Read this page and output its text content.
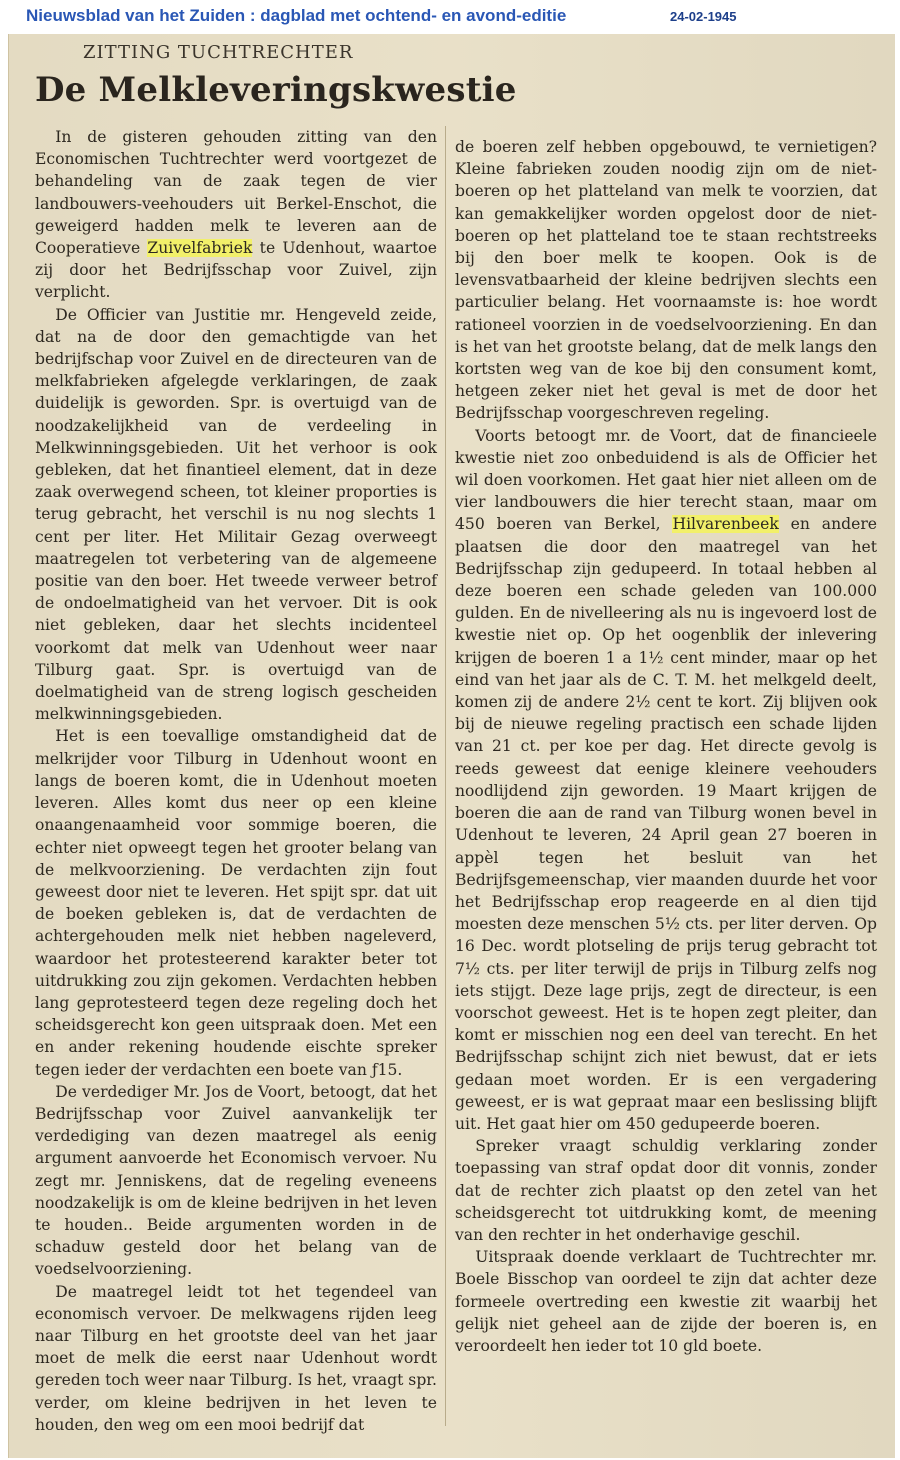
Nieuwsblad van het Zuiden : dagblad met ochtend- en avond-editie	24-02-1945
ZITTING TUCHTRECHTER
De Melkleveringskwestie

In de gisteren gehouden zitting van den Economischen Tuchtrechter werd voortgezet de behandeling van de zaak tegen de vier landbouwers-veehouders uit Berkel-Enschot, die geweigerd hadden melk te leveren aan de Cooperatieve Zuivelfabriek te Udenhout, waartoe zij door het Bedrijfsschap voor Zuivel, zijn verplicht.

De Officier van Justitie mr. Hengeveld zeide, dat na de door den gemachtigde van het bedrijfschap voor Zuivel en de directeuren van de melkfabrieken afgelegde verklaringen, de zaak duidelijk is geworden. Spr. is overtuigd van de noodzakelijkheid van de verdeeling in Melkwinningsgebieden. Uit het verhoor is ook gebleken, dat het finantieel element, dat in deze zaak overwegend scheen, tot kleiner proporties is terug gebracht, het verschil is nu nog slechts 1 cent per liter. Het Militair Gezag overweegt maatregelen tot verbetering van de algemeene positie van den boer. Het tweede verweer betrof de ondoelmatigheid van het vervoer. Dit is ook niet gebleken, daar het slechts incidenteel voorkomt dat melk van Udenhout weer naar Tilburg gaat. Spr. is overtuigd van de doelmatigheid van de streng logisch gescheiden melkwinningsgebieden.

Het is een toevallige omstandigheid dat de melkrijder voor Tilburg in Udenhout woont en langs de boeren komt, die in Udenhout moeten leveren. Alles komt dus neer op een kleine onaangenaamheid voor sommige boeren, die echter niet opweegt tegen het grooter belang van de melkvoorziening. De verdachten zijn fout geweest door niet te leveren. Het spijt spr. dat uit de boeken gebleken is, dat de verdachten de achtergehouden melk niet hebben nageleverd, waardoor het protesteerend karakter beter tot uitdrukking zou zijn gekomen. Verdachten hebben lang geprotesteerd tegen deze regeling doch het scheidsgerecht kon geen uitspraak doen. Met een en ander rekening houdende eischte spreker tegen ieder der verdachten een boete van ƒ15.

De verdediger Mr. Jos de Voort, betoogt, dat het Bedrijfsschap voor Zuivel aanvankelijk ter verdediging van dezen maatregel als eenig argument aanvoerde het Economisch vervoer. Nu zegt mr. Jenniskens, dat de regeling eveneens noodzakelijk is om de kleine bedrijven in het leven te houden.. Beide argumenten worden in de schaduw gesteld door het belang van de voedselvoorziening.

De maatregel leidt tot het tegendeel van economisch vervoer. De melkwagens rijden leeg naar Tilburg en het grootste deel van het jaar moet de melk die eerst naar Udenhout wordt gereden toch weer naar Tilburg. Is het, vraagt spr. verder, om kleine bedrijven in het leven te houden, den weg om een mooi bedrijf dat

de boeren zelf hebben opgebouwd, te vernietigen? Kleine fabrieken zouden noodig zijn om de niet-boeren op het platteland van melk te voorzien, dat kan gemakkelijker worden opgelost door de niet-boeren op het platteland toe te staan rechtstreeks bij den boer melk te koopen. Ook is de levensvatbaarheid der kleine bedrijven slechts een particulier belang. Het voornaamste is: hoe wordt rationeel voorzien in de voedselvoorziening. En dan is het van het grootste belang, dat de melk langs den kortsten weg van de koe bij den consument komt, hetgeen zeker niet het geval is met de door het Bedrijfsschap voorgeschreven regeling.

Voorts betoogt mr. de Voort, dat de financieele kwestie niet zoo onbeduidend is als de Officier het wil doen voorkomen. Het gaat hier niet alleen om de vier landbouwers die hier terecht staan, maar om 450 boeren van Berkel, Hilvarenbeek en andere plaatsen die door den maatregel van het Bedrijfsschap zijn gedupeerd. In totaal hebben al deze boeren een schade geleden van 100.000 gulden. En de nivelleering als nu is ingevoerd lost de kwestie niet op. Op het oogenblik der inlevering krijgen de boeren 1 a 1½ cent minder, maar op het eind van het jaar als de C. T. M. het melkgeld deelt, komen zij de andere 2½ cent te kort. Zij blijven ook bij de nieuwe regeling practisch een schade lijden van 21 ct. per koe per dag. Het directe gevolg is reeds geweest dat eenige kleinere veehouders noodlijdend zijn geworden. 19 Maart krijgen de boeren die aan de rand van Tilburg wonen bevel in Udenhout te leveren, 24 April gean 27 boeren in appèl tegen het besluit van het Bedrijfsgemeenschap, vier maanden duurde het voor het Bedrijfsschap erop reageerde en al dien tijd moesten deze menschen 5½ cts. per liter derven. Op 16 Dec. wordt plotseling de prijs terug gebracht tot 7½ cts. per liter terwijl de prijs in Tilburg zelfs nog iets stijgt. Deze lage prijs, zegt de directeur, is een voorschot geweest. Het is te hopen zegt pleiter, dan komt er misschien nog een deel van terecht. En het Bedrijfsschap schijnt zich niet bewust, dat er iets gedaan moet worden. Er is een vergadering geweest, er is wat gepraat maar een beslissing blijft uit. Het gaat hier om 450 gedupeerde boeren.

Spreker vraagt schuldig verklaring zonder toepassing van straf opdat door dit vonnis, zonder dat de rechter zich plaatst op den zetel van het scheidsgerecht tot uitdrukking komt, de meening van den rechter in het onderhavige geschil.

Uitspraak doende verklaart de Tuchtrechter mr. Boele Bisschop van oordeel te zijn dat achter deze formeele overtreding een kwestie zit waarbij het gelijk niet geheel aan de zijde der boeren is, en veroordeelt hen ieder tot 10 gld boete.
